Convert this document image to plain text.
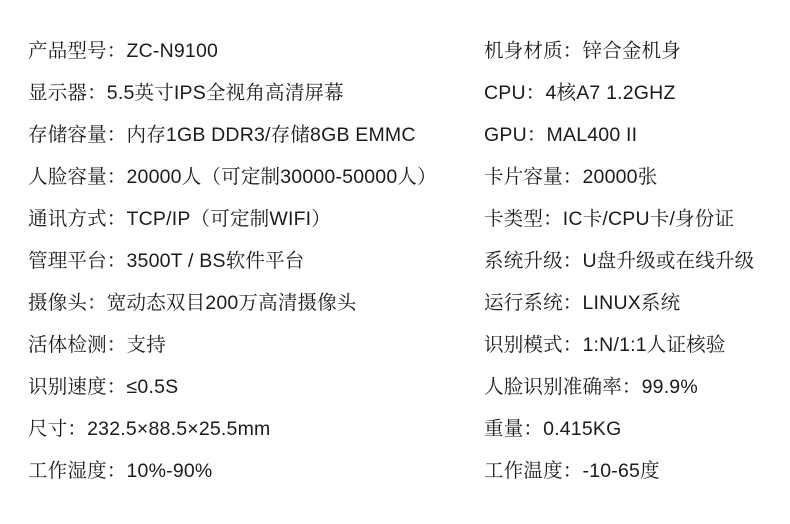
产品型号：ZC-N9100	机身材质：锌合金机身
显示器：5.5英寸IPS全视角高清屏幕	CPU：4核A7 1.2GHZ
存储容量：内存1GB DDR3/存储8GB EMMC	GPU：MAL400 II
人脸容量：20000人（可定制30000-50000人）	卡片容量：20000张
通讯方式：TCP/IP（可定制WIFI）	卡类型：IC卡/CPU卡/身份证
管理平台：3500T / BS软件平台	系统升级：U盘升级或在线升级
摄像头：宽动态双目200万高清摄像头	运行系统：LINUX系统
活体检测：支持	识别模式：1:N/1:1人证核验
识别速度：≤0.5S	人脸识别准确率：99.9%
尺寸：232.5×88.5×25.5mm	重量：0.415KG
工作湿度：10%-90%	工作温度：-10-65度
